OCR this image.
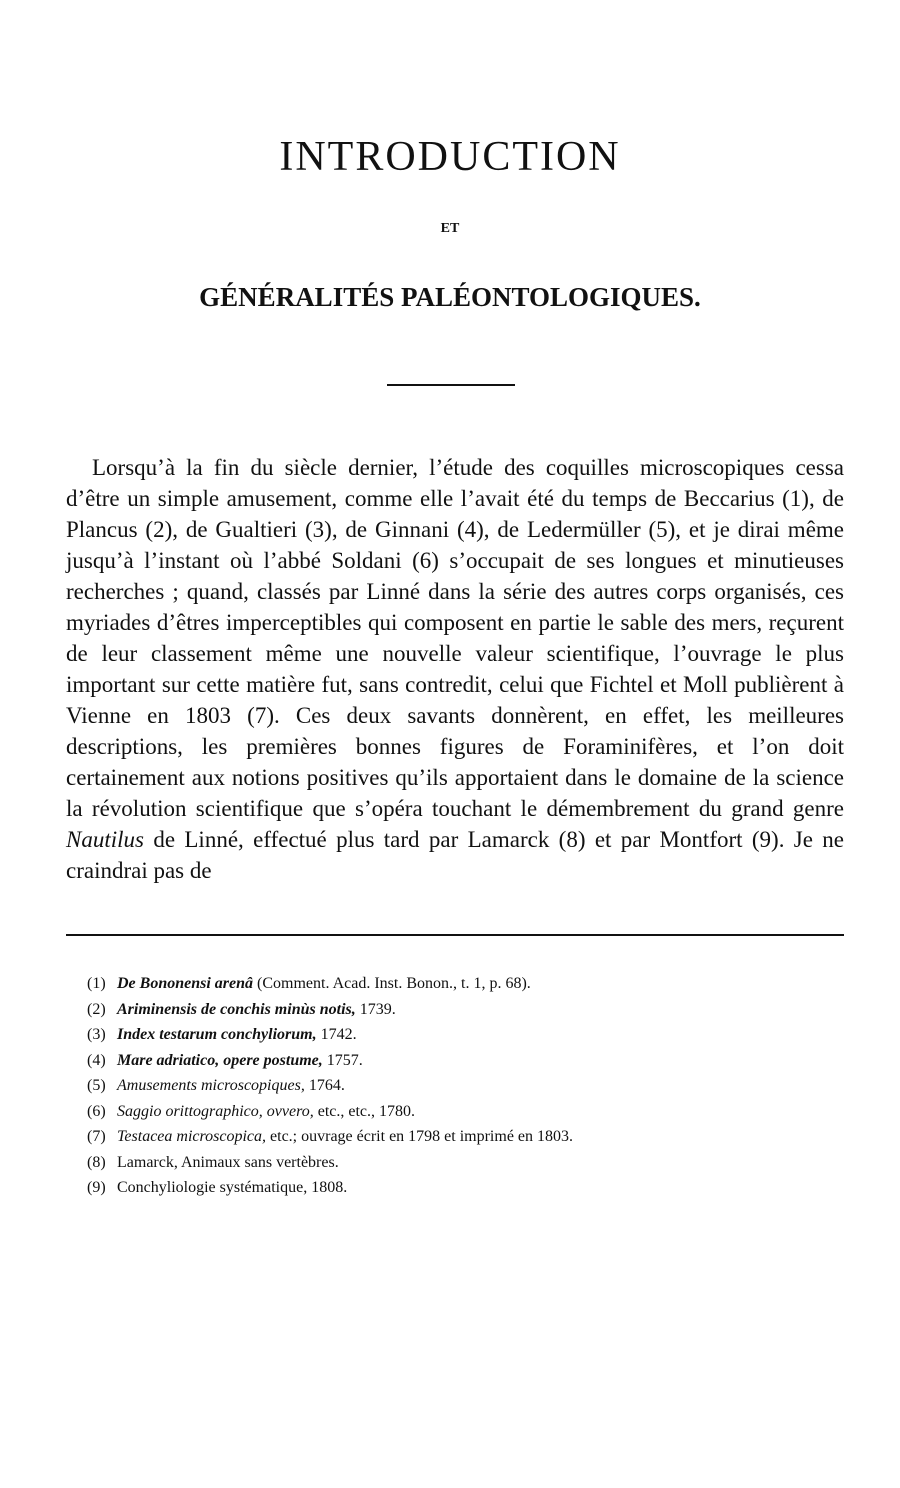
INTRODUCTION
ET
GÉNÉRALITÉS PALÉONTOLOGIQUES.

Lorsqu’à la fin du siècle dernier, l’étude des coquilles microscopiques cessa d’être un simple amusement, comme elle l’avait été du temps de Beccarius (1), de Plancus (2), de Gualtieri (3), de Ginnani (4), de Ledermüller (5), et je dirai même jusqu’à l’instant où l’abbé Soldani (6) s’occupait de ses longues et minutieuses recherches ; quand, classés par Linné dans la série des autres corps organisés, ces myriades d’êtres imperceptibles qui composent en partie le sable des mers, reçurent de leur classement même une nouvelle valeur scientifique, l’ouvrage le plus important sur cette matière fut, sans contredit, celui que Fichtel et Moll publièrent à Vienne en 1803 (7). Ces deux savants donnèrent, en effet, les meilleures descriptions, les premières bonnes figures de Foraminifères, et l’on doit certainement aux notions positives qu’ils apportaient dans le domaine de la science la révolution scientifique que s’opéra touchant le démembrement du grand genre Nautilus de Linné, effectué plus tard par Lamarck (8) et par Montfort (9). Je ne craindrai pas de

(1) De Bononensi arenâ (Comment. Acad. Inst. Bonon., t. 1, p. 68).
(2) Ariminensis de conchis minùs notis, 1739.
(3) Index testarum conchyliorum, 1742.
(4) Mare adriatico, opere postume, 1757.
(5) Amusements microscopiques, 1764.
(6) Saggio orittographico, ovvero, etc., etc., 1780.
(7) Testacea microscopica, etc.; ouvrage écrit en 1798 et imprimé en 1803.
(8) Lamarck, Animaux sans vertèbres.
(9) Conchyliologie systématique, 1808.
